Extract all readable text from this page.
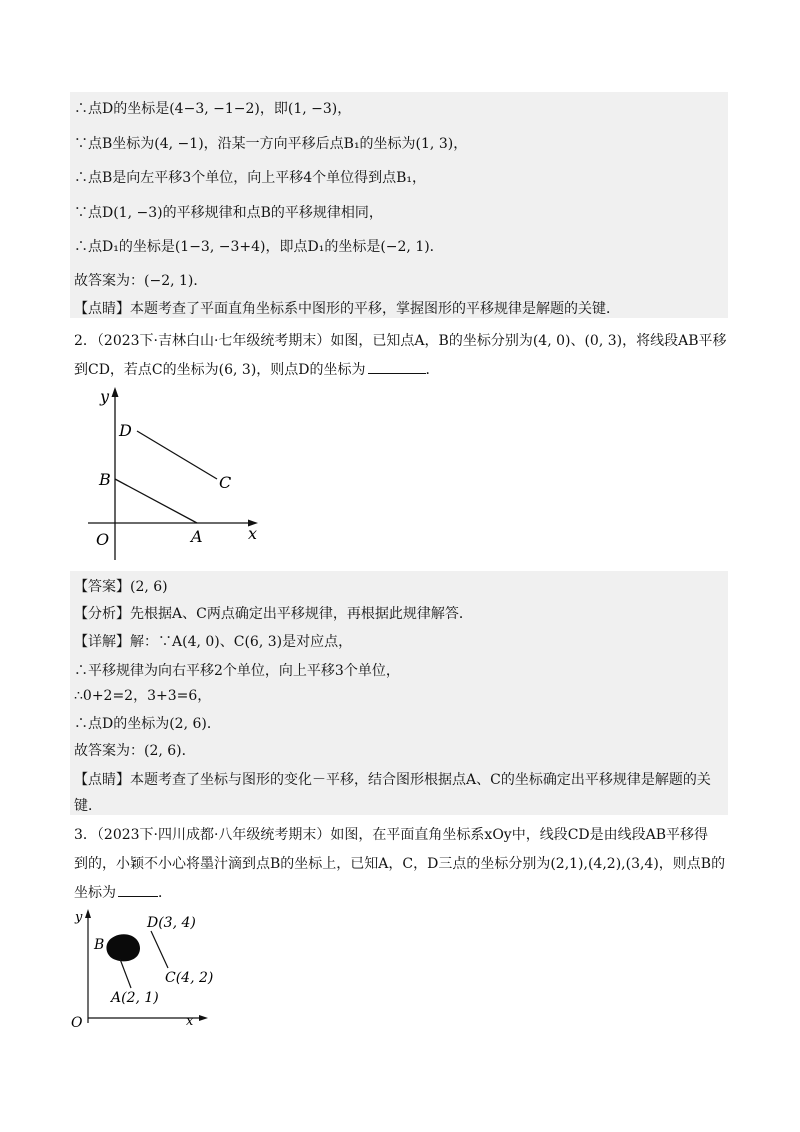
∴点D的坐标是(4−3, −1−2)，即(1, −3)，
∵点B坐标为(4, −1)，沿某一方向平移后点B₁的坐标为(1, 3)，
∴点B是向左平移3个单位，向上平移4个单位得到点B₁，
∵点D(1, −3)的平移规律和点B的平移规律相同，
∴点D₁的坐标是(1−3, −3+4)，即点D₁的坐标是(−2, 1)．
故答案为：(−2, 1)．
【点睛】本题考查了平面直角坐标系中图形的平移，掌握图形的平移规律是解题的关键．
2．（2023下·吉林白山·七年级统考期末）如图，已知点A，B的坐标分别为(4, 0)、(0, 3)，将线段AB平移
到CD，若点C的坐标为(6, 3)，则点D的坐标为	．
y
x
O	A
B	C
D
【答案】(2, 6)
【分析】先根据A、C两点确定出平移规律，再根据此规律解答．
【详解】解：∵A(4, 0)、C(6, 3)是对应点，
∴平移规律为向右平移2个单位，向上平移3个单位，
∴0+2=2，3+3=6，
∴点D的坐标为(2, 6)．
故答案为：(2, 6)．
【点睛】本题考查了坐标与图形的变化－平移，结合图形根据点A、C的坐标确定出平移规律是解题的关
键．
3．（2023下·四川成都·八年级统考期末）如图，在平面直角坐标系xOy中，线段CD是由线段AB平移得
到的，小颖不小心将墨汁滴到点B的坐标上，已知A，C，D三点的坐标分别为(2,1),(4,2),(3,4)，则点B的
坐标为	．
y
x
O
B
D(3, 4)
C(4, 2)
A(2, 1)
